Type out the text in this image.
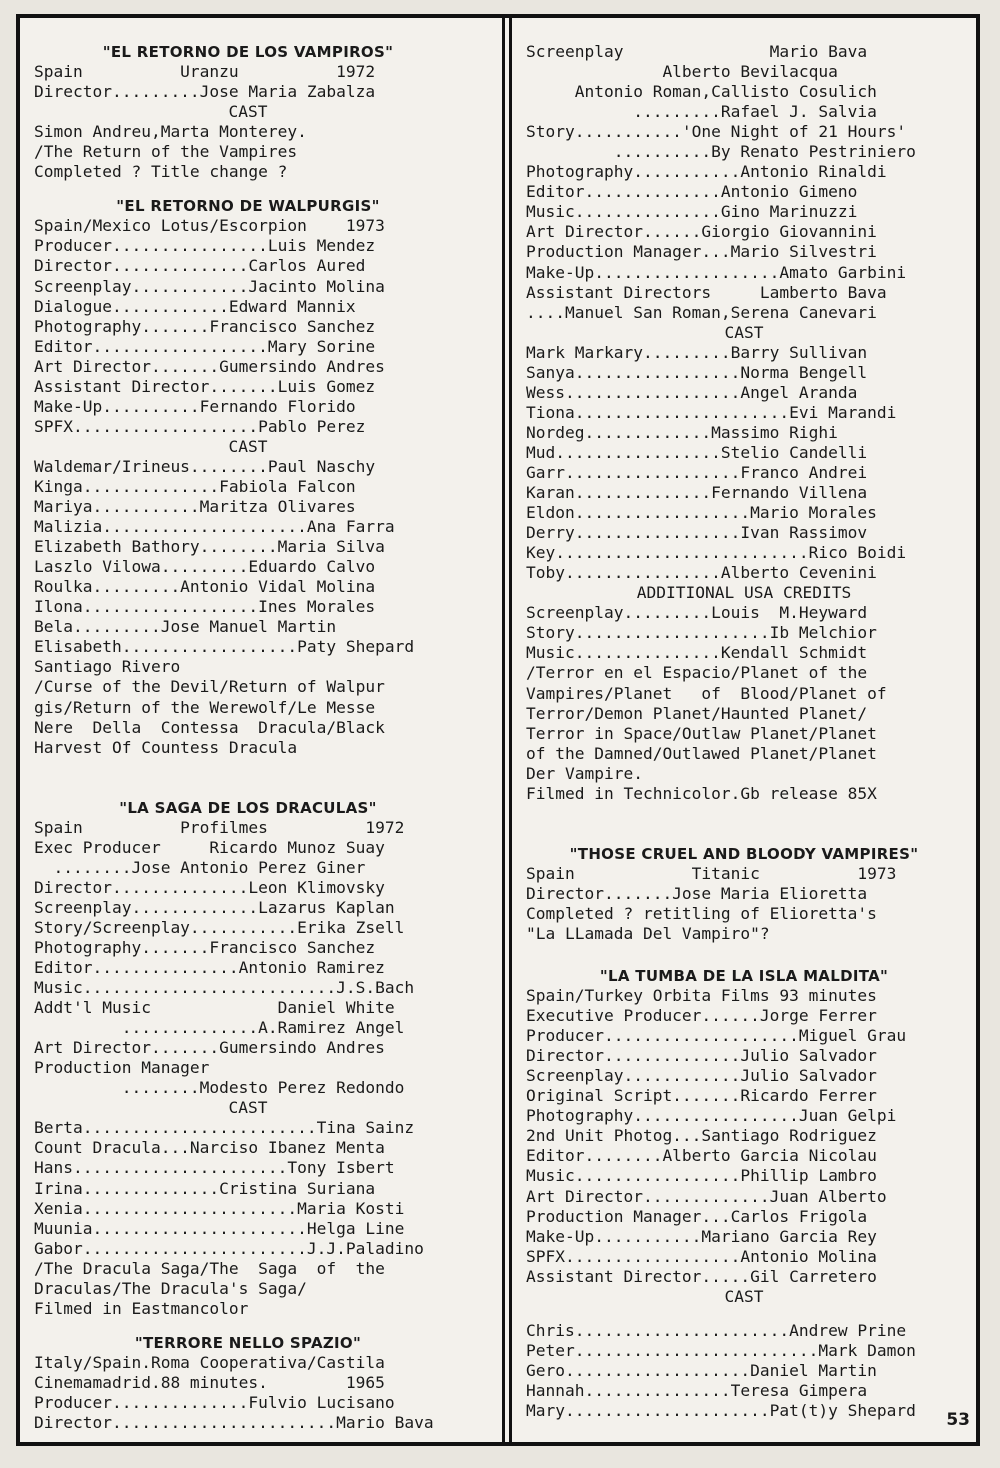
"EL RETORNO DE LOS VAMPIROS"
Spain          Uranzu          1972
Director.........Jose Maria Zabalza
CAST
Simon Andreu,Marta Monterey.
/The Return of the Vampires
Completed ? Title change ?
"EL RETORNO DE WALPURGIS"
Spain/Mexico Lotus/Escorpion    1973
Producer................Luis Mendez
Director..............Carlos Aured
Screenplay............Jacinto Molina
Dialogue............Edward Mannix
Photography.......Francisco Sanchez
Editor..................Mary Sorine
Art Director.......Gumersindo Andres
Assistant Director.......Luis Gomez
Make-Up..........Fernando Florido
SPFX...................Pablo Perez
CAST
Waldemar/Irineus........Paul Naschy
Kinga..............Fabiola Falcon
Mariya...........Maritza Olivares
Malizia.....................Ana Farra
Elizabeth Bathory........Maria Silva
Laszlo Vilowa.........Eduardo Calvo
Roulka.........Antonio Vidal Molina
Ilona..................Ines Morales
Bela.........Jose Manuel Martin
Elisabeth..................Paty Shepard
Santiago Rivero
/Curse of the Devil/Return of Walpur
gis/Return of the Werewolf/Le Messe
Nere  Della  Contessa  Dracula/Black
Harvest Of Countess Dracula
"LA SAGA DE LOS DRACULAS"
Spain          Profilmes          1972
Exec Producer     Ricardo Munoz Suay
........Jose Antonio Perez Giner
Director..............Leon Klimovsky
Screenplay.............Lazarus Kaplan
Story/Screenplay...........Erika Zsell
Photography.......Francisco Sanchez
Editor...............Antonio Ramirez
Music..........................J.S.Bach
Addt'l Music             Daniel White
..............A.Ramirez Angel
Art Director.......Gumersindo Andres
Production Manager
........Modesto Perez Redondo
CAST
Berta........................Tina Sainz
Count Dracula...Narciso Ibanez Menta
Hans......................Tony Isbert
Irina..............Cristina Suriana
Xenia......................Maria Kosti
Muunia......................Helga Line
Gabor.......................J.J.Paladino
/The Dracula Saga/The  Saga  of  the
Draculas/The Dracula's Saga/
Filmed in Eastmancolor
"TERRORE NELLO SPAZIO"
Italy/Spain.Roma Cooperativa/Castila
Cinemamadrid.88 minutes.        1965
Producer..............Fulvio Lucisano
Director.......................Mario Bava
Screenplay               Mario Bava
Alberto Bevilacqua
Antonio Roman,Callisto Cosulich
.........Rafael J. Salvia
Story...........'One Night of 21 Hours'
..........By Renato Pestriniero
Photography...........Antonio Rinaldi
Editor..............Antonio Gimeno
Music...............Gino Marinuzzi
Art Director......Giorgio Giovannini
Production Manager...Mario Silvestri
Make-Up...................Amato Garbini
Assistant Directors     Lamberto Bava
....Manuel San Roman,Serena Canevari
CAST
Mark Markary.........Barry Sullivan
Sanya.................Norma Bengell
Wess..................Angel Aranda
Tiona......................Evi Marandi
Nordeg.............Massimo Righi
Mud.................Stelio Candelli
Garr..................Franco Andrei
Karan..............Fernando Villena
Eldon..................Mario Morales
Derry.................Ivan Rassimov
Key..........................Rico Boidi
Toby................Alberto Cevenini
ADDITIONAL USA CREDITS
Screenplay.........Louis  M.Heyward
Story....................Ib Melchior
Music...............Kendall Schmidt
/Terror en el Espacio/Planet of the
Vampires/Planet   of  Blood/Planet of
Terror/Demon Planet/Haunted Planet/
Terror in Space/Outlaw Planet/Planet
of the Damned/Outlawed Planet/Planet
Der Vampire.
Filmed in Technicolor.Gb release 85X
"THOSE CRUEL AND BLOODY VAMPIRES"
Spain            Titanic          1973
Director.......Jose Maria Elioretta
Completed ? retitling of Elioretta's
"La LLamada Del Vampiro"?
"LA TUMBA DE LA ISLA MALDITA"
Spain/Turkey Orbita Films 93 minutes
Executive Producer......Jorge Ferrer
Producer....................Miguel Grau
Director..............Julio Salvador
Screenplay............Julio Salvador
Original Script.......Ricardo Ferrer
Photography.................Juan Gelpi
2nd Unit Photog...Santiago Rodriguez
Editor........Alberto Garcia Nicolau
Music.................Phillip Lambro
Art Director.............Juan Alberto
Production Manager...Carlos Frigola
Make-Up...........Mariano Garcia Rey
SPFX..................Antonio Molina
Assistant Director.....Gil Carretero
CAST
Chris......................Andrew Prine
Peter.........................Mark Damon
Gero...................Daniel Martin
Hannah...............Teresa Gimpera
Mary.....................Pat(t)y Shepard	53
